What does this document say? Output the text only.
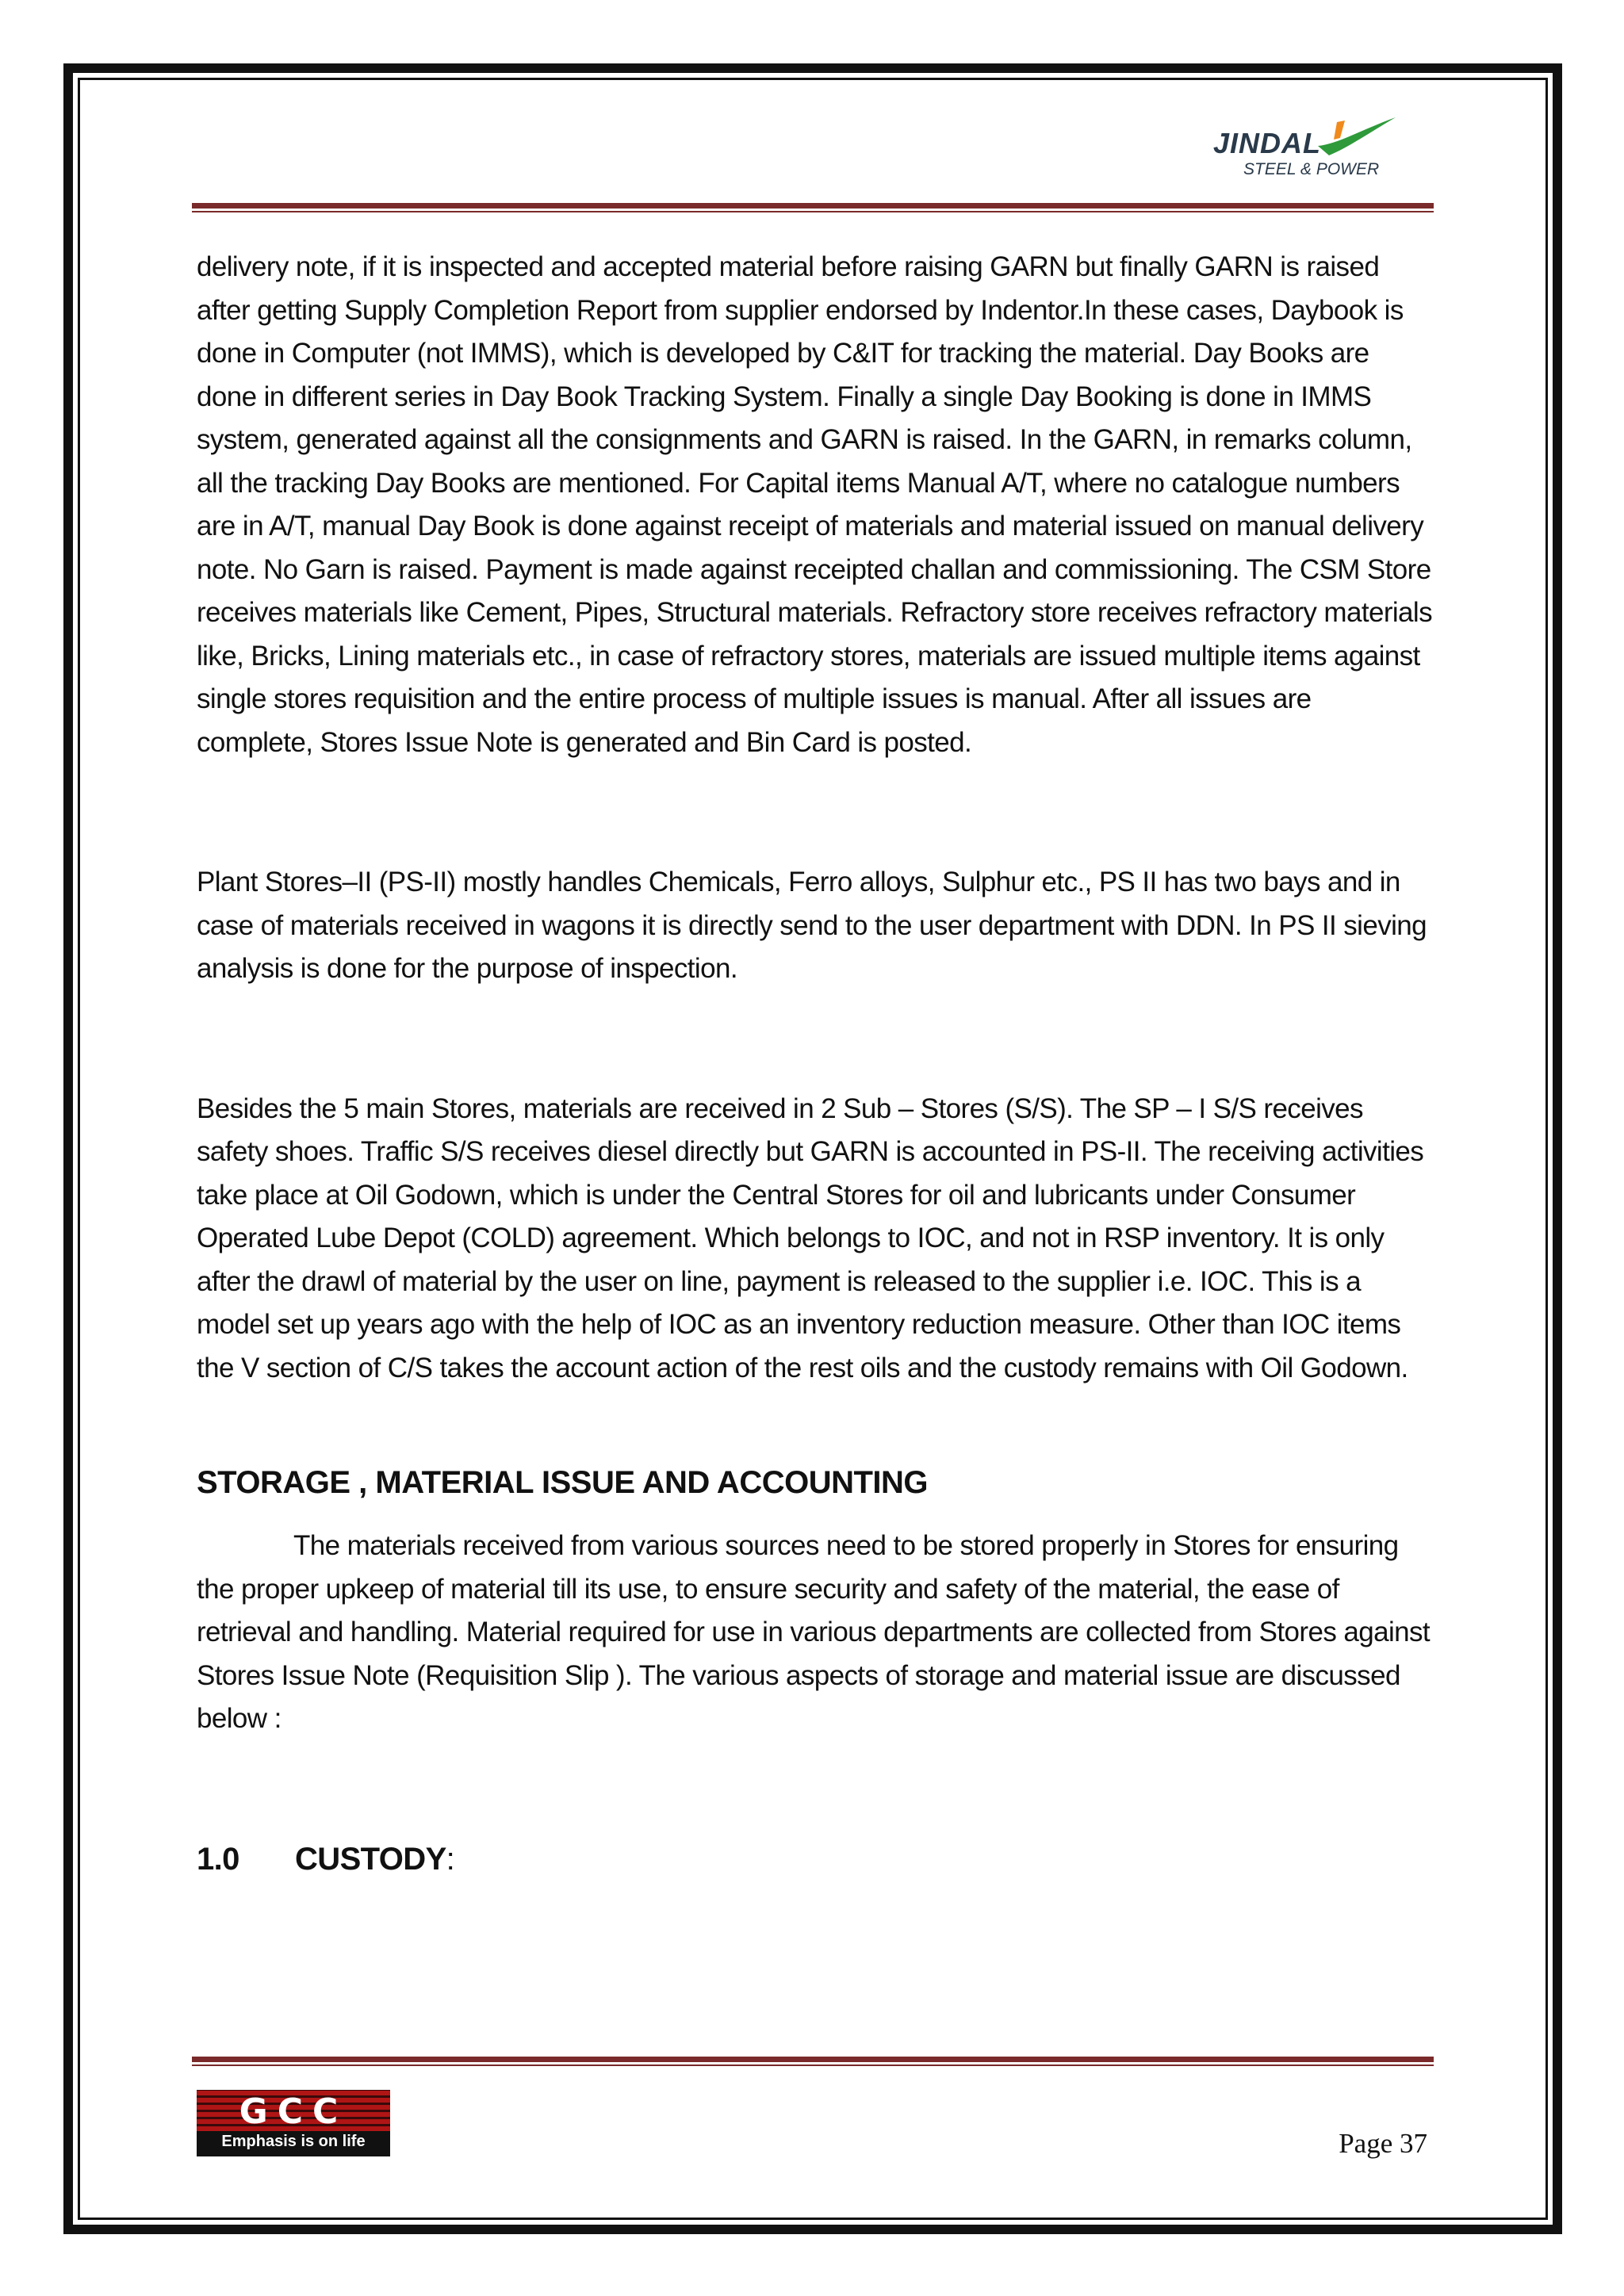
JINDAL
STEEL & POWER

delivery note, if it is inspected and accepted material before raising GARN but finally GARN is raised after getting Supply Completion Report from supplier endorsed by Indentor.In these cases, Daybook is done in Computer (not IMMS), which is developed by C&IT for tracking the material. Day Books are done in different series in Day Book Tracking System. Finally a single Day Booking is done in IMMS system, generated against all the consignments and GARN is raised. In the GARN, in remarks column, all the tracking Day Books are mentioned. For Capital items Manual A/T, where no catalogue numbers are in A/T, manual Day Book is done against receipt of materials and material issued on manual delivery note. No Garn is raised. Payment is made against receipted challan and commissioning. The CSM Store receives materials like Cement, Pipes, Structural materials. Refractory store receives refractory materials like, Bricks, Lining materials etc., in case of refractory stores, materials are issued multiple items against single stores requisition and the entire process of multiple issues is manual. After all issues are complete, Stores Issue Note is generated and Bin Card is posted.

Plant Stores–II (PS-II) mostly handles Chemicals, Ferro alloys, Sulphur etc., PS II has two bays and in case of materials received in wagons it is directly send to the user department with DDN. In PS II sieving analysis is done for the purpose of inspection.

Besides the 5 main Stores, materials are received in 2 Sub – Stores (S/S). The SP – I S/S receives safety shoes. Traffic S/S receives diesel directly but GARN is accounted in PS-II. The receiving activities take place at Oil Godown, which is under the Central Stores for oil and lubricants under Consumer Operated Lube Depot (COLD) agreement. Which belongs to IOC, and not in RSP inventory. It is only after the drawl of material by the user on line, payment is released to the supplier i.e. IOC. This is a model set up years ago with the help of IOC as an inventory reduction measure. Other than IOC items the V section of C/S takes the account action of the rest oils and the custody remains with Oil Godown.

STORAGE , MATERIAL ISSUE AND ACCOUNTING

The materials received from various sources need to be stored properly in Stores for ensuring the proper upkeep of material till its use, to ensure security and safety of the material, the ease of retrieval and handling. Material required for use in various departments are collected from Stores against Stores Issue Note (Requisition Slip ). The various aspects of storage and material issue are discussed below :

1.0 CUSTODY:

GCC
Emphasis is on life	Page 37
